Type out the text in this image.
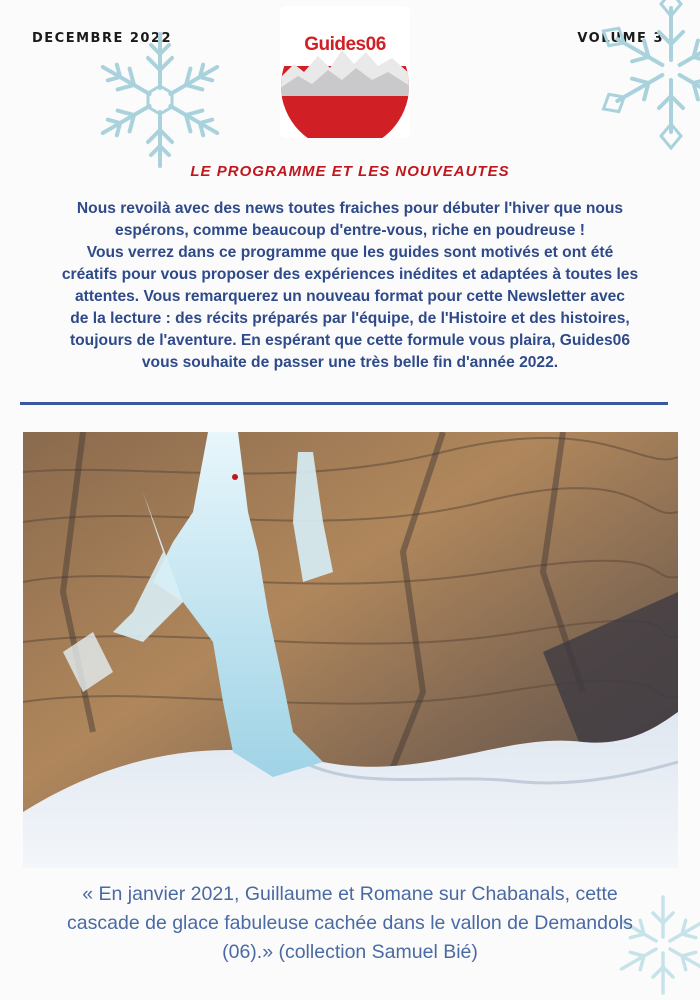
DECEMBRE 2022	VOLUME 3
Guides06
LE PROGRAMME ET LES NOUVEAUTES

Nous revoilà avec des news toutes fraiches pour débuter l'hiver que nous
espérons, comme beaucoup d'entre-vous, riche en poudreuse !
Vous verrez dans ce programme que les guides sont motivés et ont été
créatifs pour vous proposer des expériences inédites et adaptées à toutes les
attentes. Vous remarquerez un nouveau format pour cette Newsletter avec
de la lecture : des récits préparés par l'équipe, de l'Histoire et des histoires,
toujours de l'aventure. En espérant que cette formule vous plaira, Guides06
vous souhaite de passer une très belle fin d'année 2022.

« En janvier 2021, Guillaume et Romane sur Chabanals, cette
cascade de glace fabuleuse cachée dans le vallon de Demandols
(06).» (collection Samuel Bié)
